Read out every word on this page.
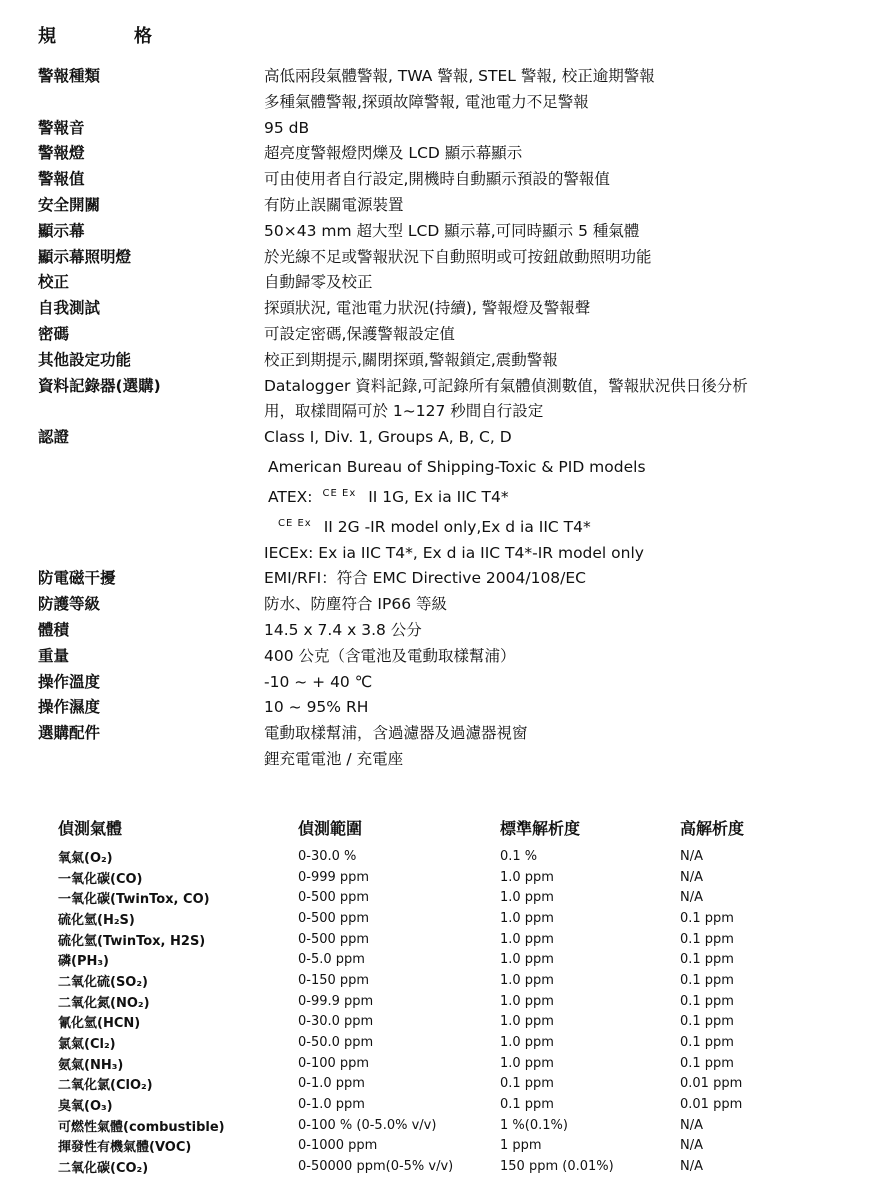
規　格
警報種類	高低兩段氣體警報, TWA 警報, STEL 警報, 校正逾期警報
多種氣體警報,探頭故障警報, 電池電力不足警報
警報音	95 dB
警報燈	超亮度警報燈閃爍及 LCD 顯示幕顯示
警報值	可由使用者自行設定,開機時自動顯示預設的警報值
安全開關	有防止誤關電源裝置
顯示幕	50×43 mm 超大型 LCD 顯示幕,可同時顯示 5 種氣體
顯示幕照明燈	於光線不足或警報狀況下自動照明或可按鈕啟動照明功能
校正	自動歸零及校正
自我測試	探頭狀況, 電池電力狀況(持續), 警報燈及警報聲
密碼	可設定密碼,保護警報設定值
其他設定功能	校正到期提示,關閉探頭,警報鎖定,震動警報
資料記錄器(選購)	Datalogger 資料記錄,可記錄所有氣體偵測數值，警報狀況供日後分析
用，取樣間隔可於 1~127 秒間自行設定
認證	Class I, Div. 1, Groups A, B, C, D
American Bureau of Shipping-Toxic & PID models
ATEX: $^{CE Ex}$ II 1G, Ex ia IIC T4*
$^{CE Ex}$ II 2G -IR model only,Ex d ia IIC T4*
IECEx: Ex ia IIC T4*, Ex d ia IIC T4*-IR model only
防電磁干擾	EMI/RFI：符合 EMC Directive 2004/108/EC
防護等級	防水、防塵符合 IP66 等級
體積	14.5 x 7.4 x 3.8 公分
重量	400 公克（含電池及電動取樣幫浦）
操作溫度	-10 ~ + 40 ℃
操作濕度	10 ~ 95% RH
選購配件	電動取樣幫浦，含過濾器及過濾器視窗
鋰充電電池 / 充電座
偵測氣體	偵測範圍	標準解析度	高解析度
氧氣(O₂)	0-30.0 %	0.1 %	N/A
一氧化碳(CO)	0-999 ppm	1.0 ppm	N/A
一氧化碳(TwinTox, CO)	0-500 ppm	1.0 ppm	N/A
硫化氫(H₂S)	0-500 ppm	1.0 ppm	0.1 ppm
硫化氫(TwinTox, H2S)	0-500 ppm	1.0 ppm	0.1 ppm
磷(PH₃)	0-5.0 ppm	1.0 ppm	0.1 ppm
二氧化硫(SO₂)	0-150 ppm	1.0 ppm	0.1 ppm
二氧化氮(NO₂)	0-99.9 ppm	1.0 ppm	0.1 ppm
氰化氫(HCN)	0-30.0 ppm	1.0 ppm	0.1 ppm
氯氣(Cl₂)	0-50.0 ppm	1.0 ppm	0.1 ppm
氨氣(NH₃)	0-100 ppm	1.0 ppm	0.1 ppm
二氧化氯(ClO₂)	0-1.0 ppm	0.1 ppm	0.01 ppm
臭氧(O₃)	0-1.0 ppm	0.1 ppm	0.01 ppm
可燃性氣體(combustible)	0-100 % (0-5.0% v/v)	1 %(0.1%)	N/A
揮發性有機氣體(VOC)	0-1000 ppm	1 ppm	N/A
二氧化碳(CO₂)	0-50000 ppm(0-5% v/v)	150 ppm (0.01%)	N/A
